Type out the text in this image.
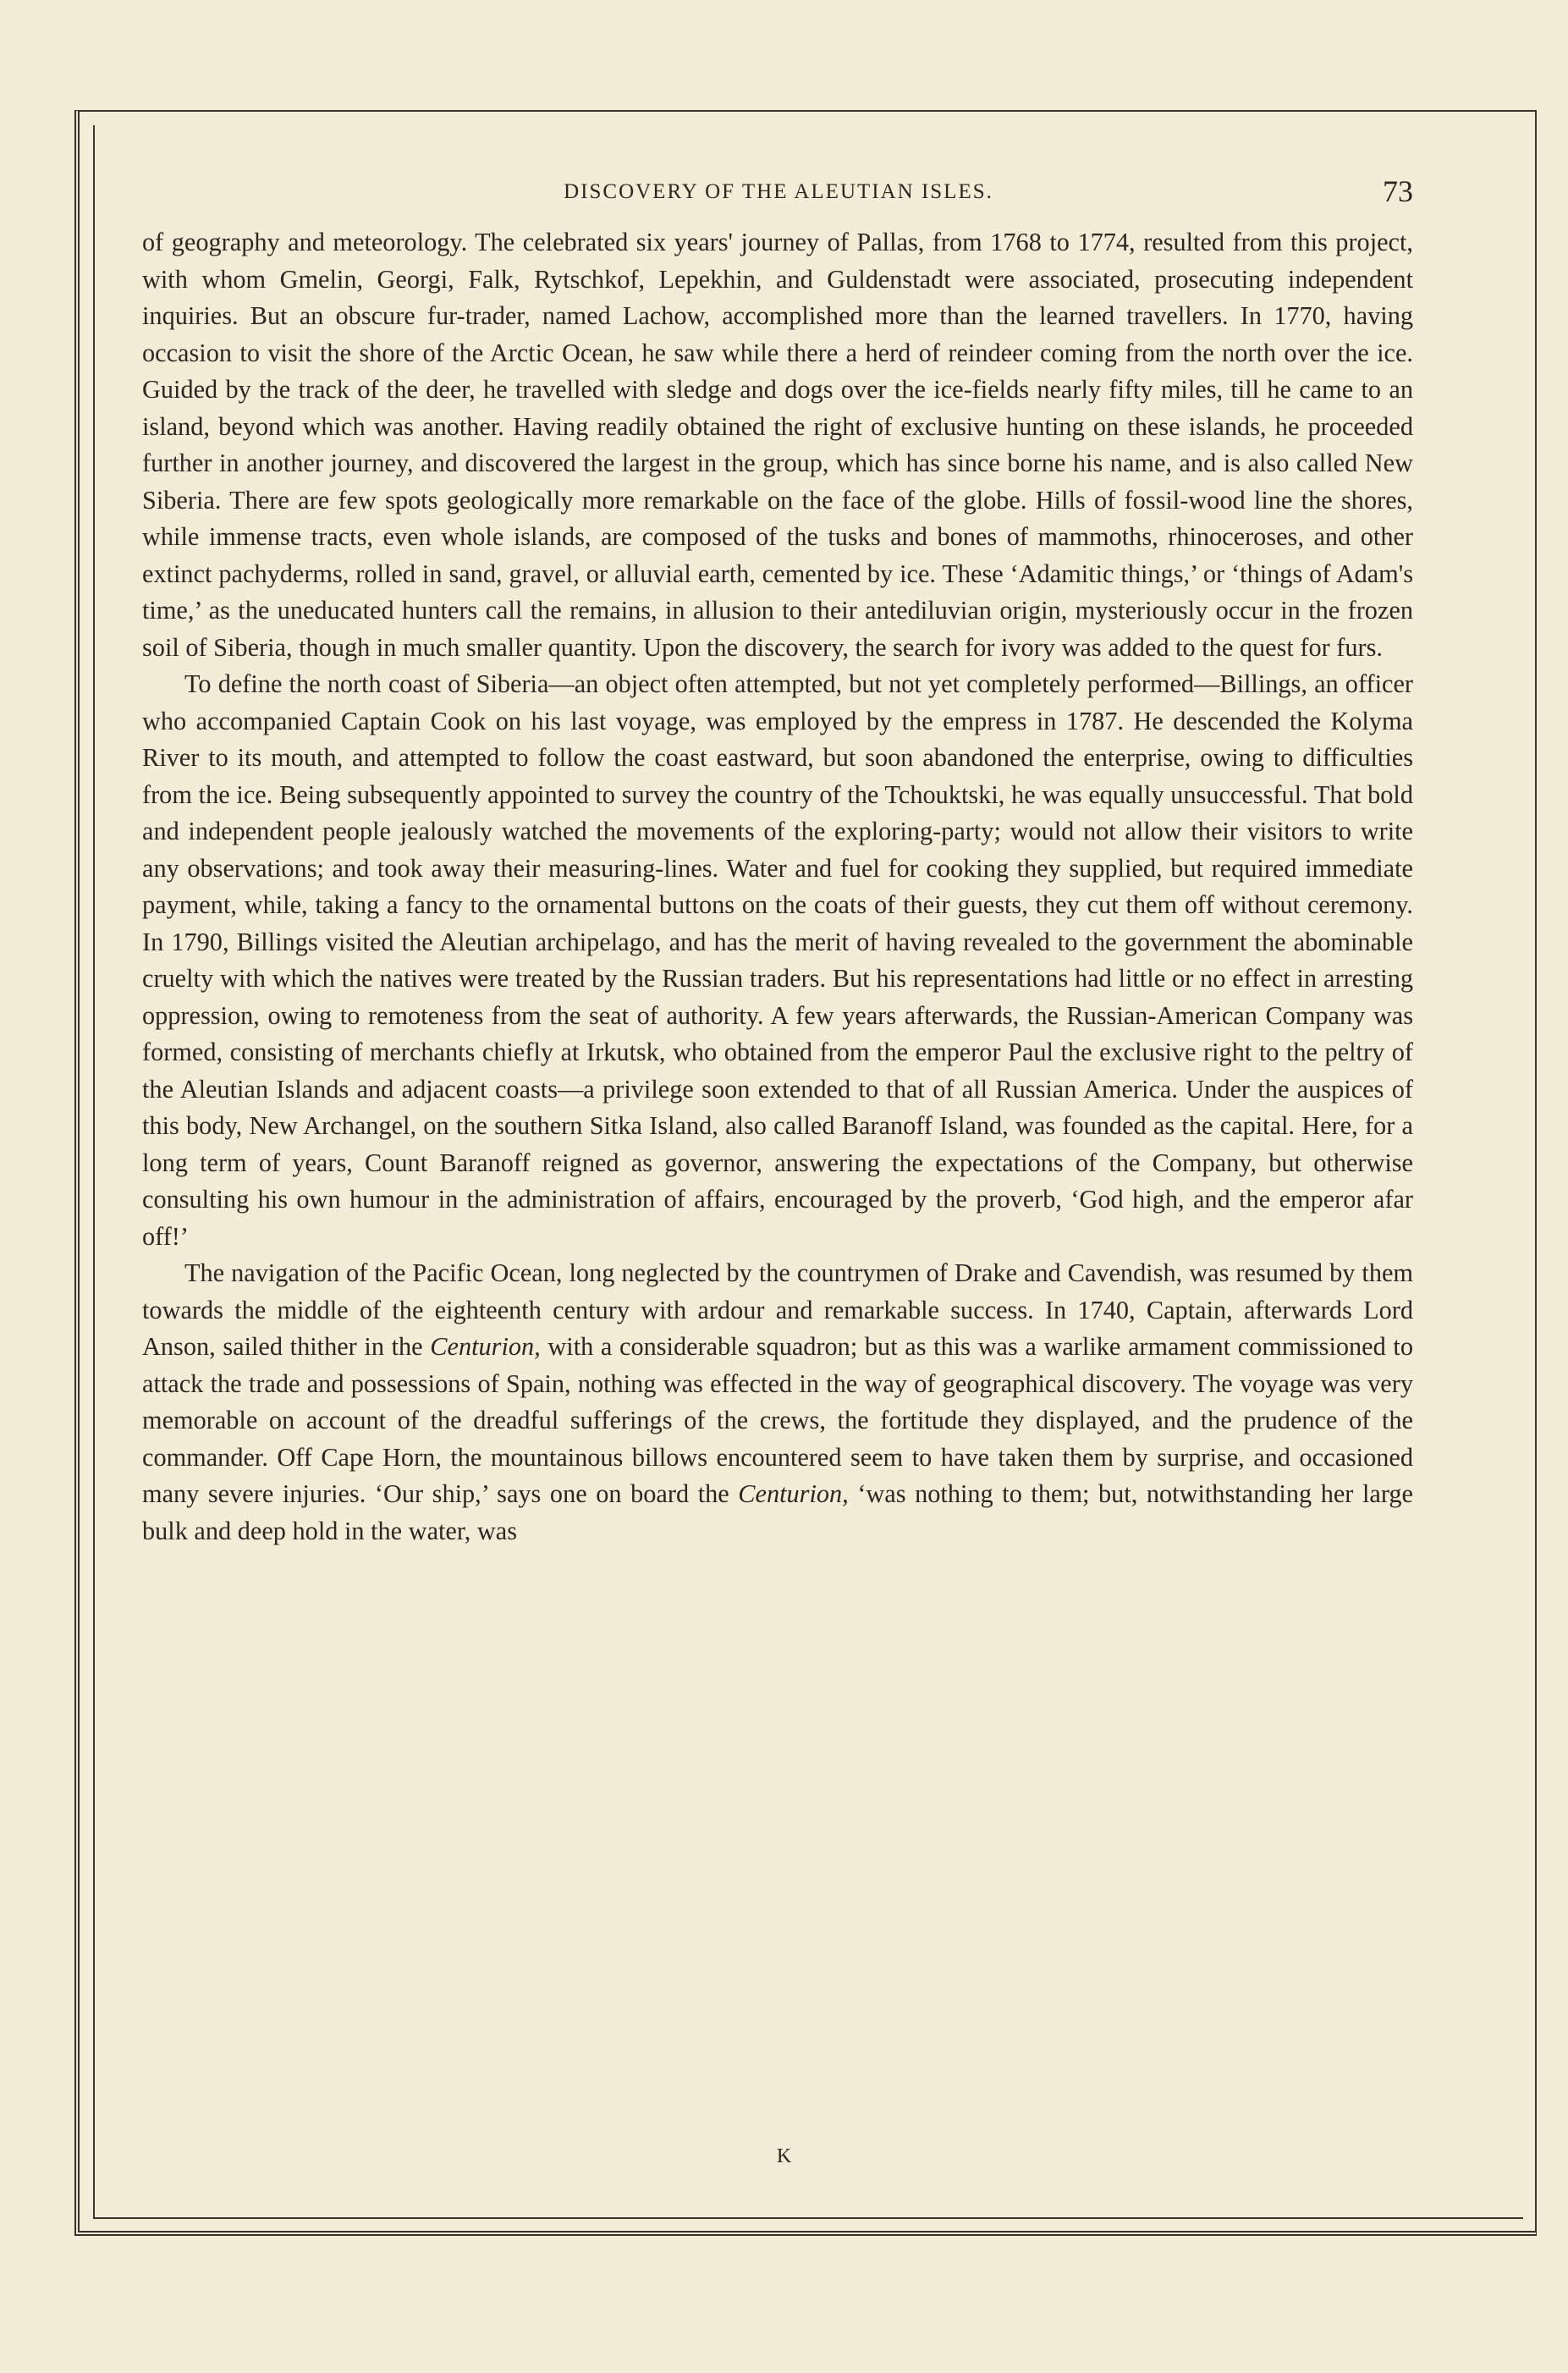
DISCOVERY OF THE ALEUTIAN ISLES.	73

of geography and meteorology. The celebrated six years' journey of Pallas, from 1768 to 1774, resulted from this project, with whom Gmelin, Georgi, Falk, Rytschkof, Lepekhin, and Guldenstadt were associated, prosecuting independent inquiries. But an obscure fur-trader, named Lachow, accomplished more than the learned travellers. In 1770, having occasion to visit the shore of the Arctic Ocean, he saw while there a herd of reindeer coming from the north over the ice. Guided by the track of the deer, he travelled with sledge and dogs over the ice-fields nearly fifty miles, till he came to an island, beyond which was another. Having readily obtained the right of exclusive hunting on these islands, he proceeded further in another journey, and discovered the largest in the group, which has since borne his name, and is also called New Siberia. There are few spots geologically more remarkable on the face of the globe. Hills of fossil-wood line the shores, while immense tracts, even whole islands, are composed of the tusks and bones of mammoths, rhinoceroses, and other extinct pachyderms, rolled in sand, gravel, or alluvial earth, cemented by ice. These ‘Adamitic things,’ or ‘things of Adam's time,’ as the uneducated hunters call the remains, in allusion to their antediluvian origin, mysteriously occur in the frozen soil of Siberia, though in much smaller quantity. Upon the discovery, the search for ivory was added to the quest for furs.

To define the north coast of Siberia—an object often attempted, but not yet completely performed—Billings, an officer who accompanied Captain Cook on his last voyage, was employed by the empress in 1787. He descended the Kolyma River to its mouth, and attempted to follow the coast eastward, but soon abandoned the enterprise, owing to difficulties from the ice. Being subsequently appointed to survey the country of the Tchouktski, he was equally unsuccessful. That bold and independent people jealously watched the movements of the exploring-party; would not allow their visitors to write any observations; and took away their measuring-lines. Water and fuel for cooking they supplied, but required immediate payment, while, taking a fancy to the ornamental buttons on the coats of their guests, they cut them off without ceremony. In 1790, Billings visited the Aleutian archipelago, and has the merit of having revealed to the government the abominable cruelty with which the natives were treated by the Russian traders. But his representations had little or no effect in arresting oppression, owing to remoteness from the seat of authority. A few years afterwards, the Russian-American Company was formed, consisting of merchants chiefly at Irkutsk, who obtained from the emperor Paul the exclusive right to the peltry of the Aleutian Islands and adjacent coasts—a privilege soon extended to that of all Russian America. Under the auspices of this body, New Archangel, on the southern Sitka Island, also called Baranoff Island, was founded as the capital. Here, for a long term of years, Count Baranoff reigned as governor, answering the expectations of the Company, but otherwise consulting his own humour in the administration of affairs, encouraged by the proverb, ‘God high, and the emperor afar off!’

The navigation of the Pacific Ocean, long neglected by the countrymen of Drake and Cavendish, was resumed by them towards the middle of the eighteenth century with ardour and remarkable success. In 1740, Captain, afterwards Lord Anson, sailed thither in the Centurion, with a considerable squadron; but as this was a warlike armament commissioned to attack the trade and possessions of Spain, nothing was effected in the way of geographical discovery. The voyage was very memorable on account of the dreadful sufferings of the crews, the fortitude they displayed, and the prudence of the commander. Off Cape Horn, the mountainous billows encountered seem to have taken them by surprise, and occasioned many severe injuries. ‘Our ship,’ says one on board the Centurion, ‘was nothing to them; but, notwithstanding her large bulk and deep hold in the water, was

K
